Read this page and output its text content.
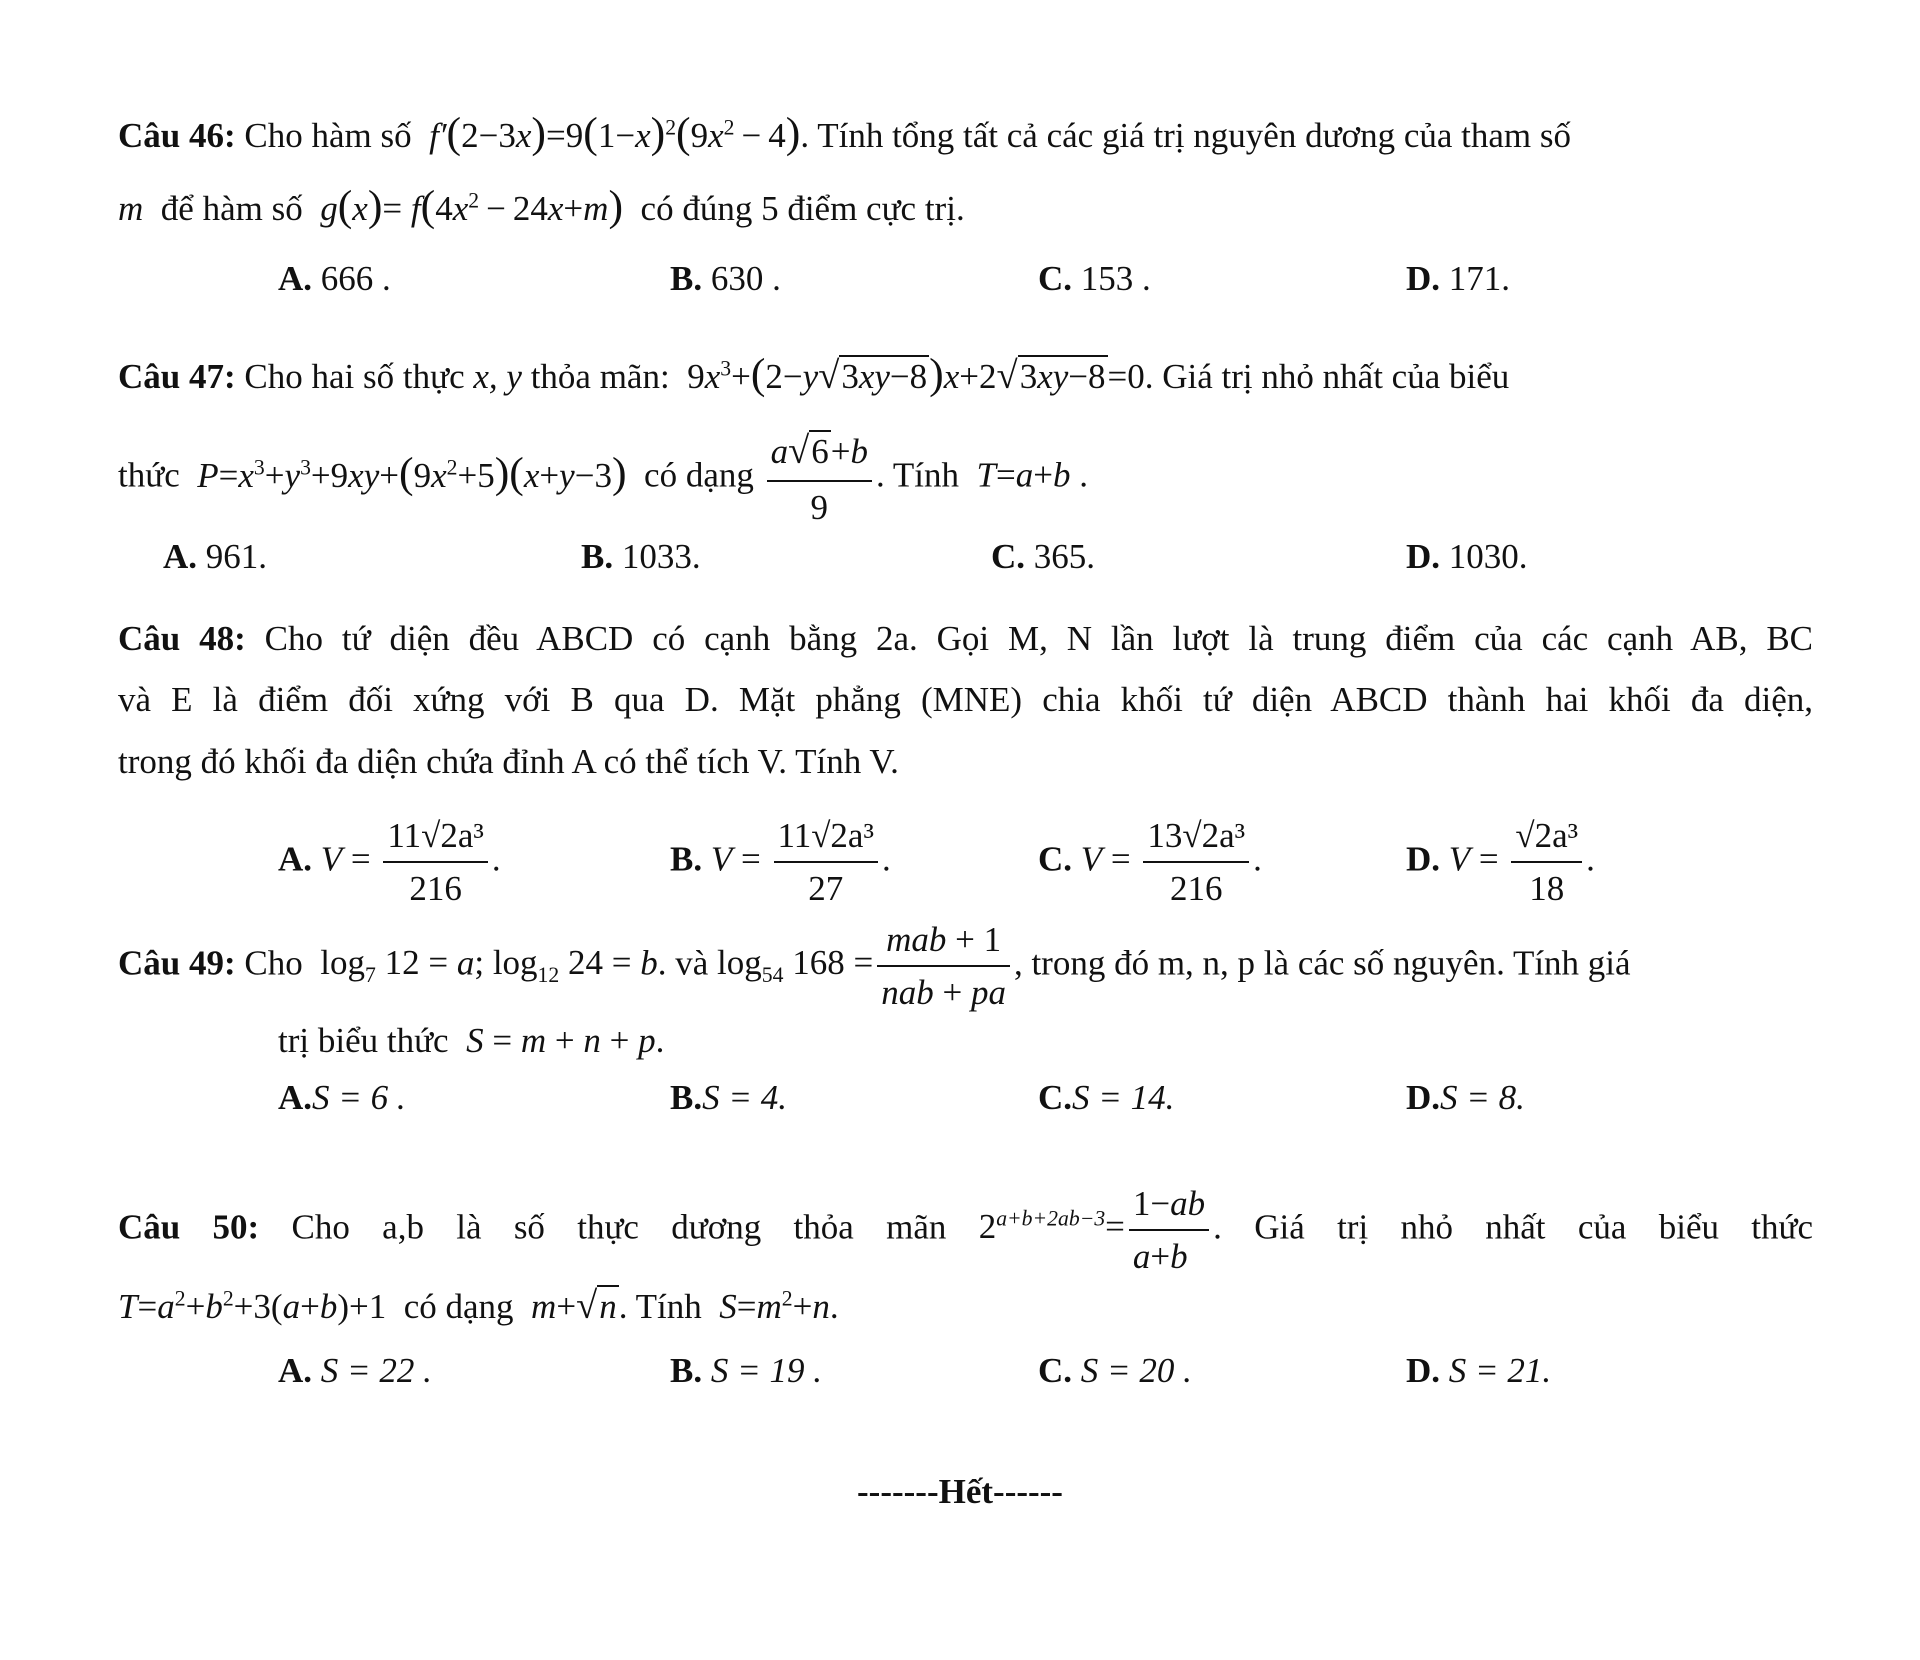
Câu 46: Cho hàm số  $f'(2-3x)=9(1-x)^2(9x^2 - 4)$. Tính tổng tất cả các giá trị nguyên dương của tham số
m để hàm số  $g(x)= f(4x^2 - 24x+m)$ có đúng 5 điểm cực trị.
A. 666 .	B. 630 .	C. 153 .	D. 171.
Câu 47: Cho hai số thực x, y thỏa mãn: $9x^3+(2-y√3xy-8)x+2√3xy-8=0$. Giá trị nhỏ nhất của biểu
thức  $P=x^3+y^3+9xy+(9x^2+5)(x+y-3)$ có dạng $\frac{a√6+b}{9}$ . Tính  T=a+b .
A. 961.	B. 1033.	C. 365.	D. 1030.
Câu 48: Cho tứ diện đều ABCD có cạnh bằng 2a. Gọi M, N lần lượt là trung điểm của các cạnh AB, BC
và E là điểm đối xứng với B qua D. Mặt phẳng (MNE) chia khối tứ diện ABCD thành hai khối đa diện,
trong đó khối đa diện chứa đỉnh A có thể tích V. Tính V.
A. $V = \frac{\text{11√2a³}}{216}$ .	B. $V = \frac{\text{11√2a³}}{27}$ .	C. $V = \frac{\text{13√2a³}}{216}$ .	D. $V = \frac{\text{√2a³}}{18}$ .
Câu 49: Cho $\log_7 12 = a$; $\log_{12} 24 = b$. và $\log_{54} 168 = \frac{\text{mab + 1}}{\text{nab + pa}}$ , trong đó m, n, p là các số nguyên. Tính giá
trị biểu thức  S = m + n + p.
A.S = 6 .	B.S = 4.	C.S = 14.	D.S = 8.
Câu 50: Cho a,b là số thực dương thỏa mãn $2^{a+b+2ab-3}= \frac{1-ab}{a+b}$ . Giá trị nhỏ nhất của biểu thức
$T=a^2+b^2+3(a+b)+1$ có dạng  m+√n. Tính  $S=m^2+n$.
A. S = 22 .	B. S = 19 .	C. S = 20 .	D. S = 21.
-------Hết------
